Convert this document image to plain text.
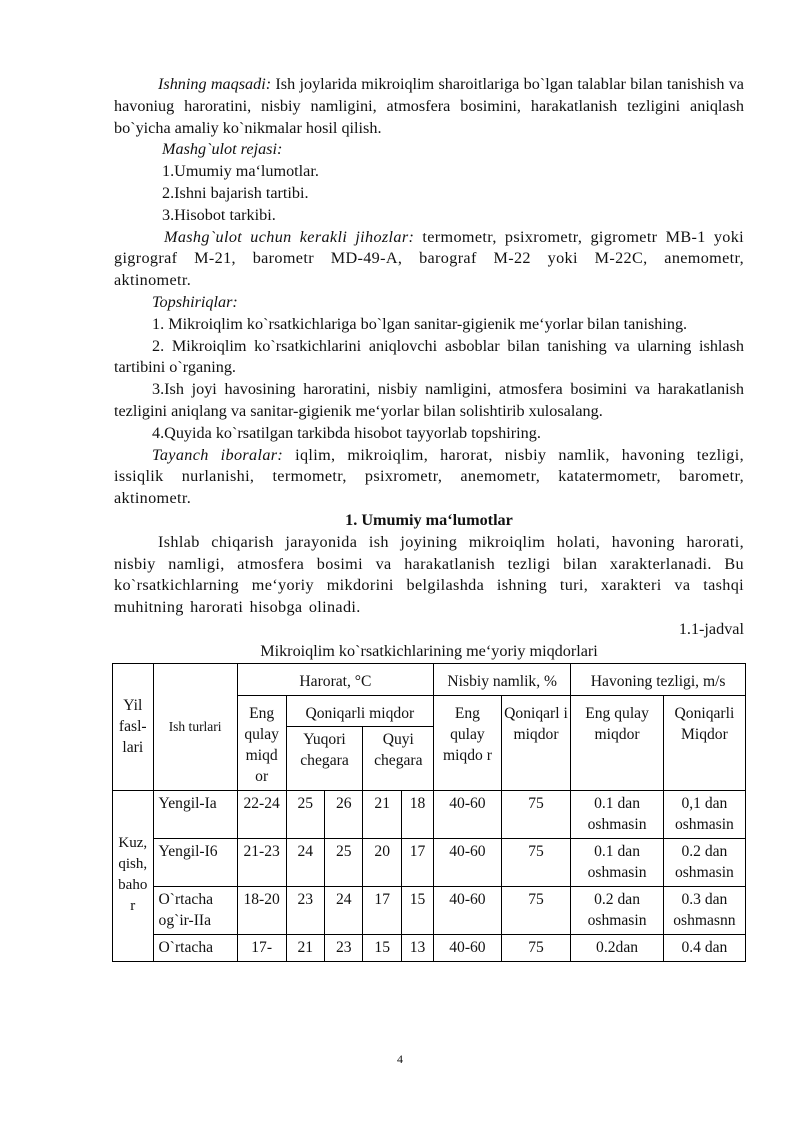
Ishning maqsadi: Ish joylarida mikroiqlim sharoitlariga bo`lgan talablar bilan tanishish va havoniug haroratini, nisbiy namligini, atmosfera bosimini, harakatlanish tezligini aniqlash bo`yicha amaliy ko`nikmalar hosil qilish.

Mashg`ulot rejasi:

1.Umumiy ma‘lumotlar.

2.Ishni bajarish tartibi.

3.Hisobot tarkibi.

Mashg`ulot uchun kerakli jihozlar: termometr, psixrometr, gigrometr MB-1 yoki gigrograf M-21, barometr MD-49-A, barograf M-22 yoki M-22C, anemometr, aktinometr.

Topshiriqlar:

1. Mikroiqlim ko`rsatkichlariga bo`lgan sanitar-gigienik me‘yorlar bilan tanishing.

2. Mikroiqlim ko`rsatkichlarini aniqlovchi asboblar bilan tanishing va ularning ishlash tartibini o`rganing.

3.Ish joyi havosining haroratini, nisbiy namligini, atmosfera bosimini va harakatlanish tezligini aniqlang va sanitar-gigienik me‘yorlar bilan solishtirib xulosalang.

4.Quyida ko`rsatilgan tarkibda hisobot tayyorlab topshiring.

Tayanch iboralar: iqlim, mikroiqlim, harorat, nisbiy namlik, havoning tezligi, issiqlik nurlanishi, termometr, psixrometr, anemometr, katatermometr, barometr, aktinometr.

1. Umumiy ma‘lumotlar

Ishlab chiqarish jarayonida ish joyining mikroiqlim holati, havoning harorati, nisbiy namligi, atmosfera bosimi va harakatlanish tezligi bilan xarakterlanadi. Bu ko`rsatkichlarning me‘yoriy mikdorini belgilashda ishning turi, xarakteri va tashqi muhitning harorati hisobga olinadi.

1.1-jadval

Mikroiqlim ko`rsatkichlarining me‘yoriy miqdorlari

Yil fasl-lari	Ish turlari	Harorat, °C					Nisbiy namlik, %		Havoning tezligi, m/s	
		Eng qulay miqd or	Qoniqarli miqdor				Eng qulay miqdo r	Qoniqarl i miqdor	Eng qulay miqdor	Qoniqarli Miqdor
			Yuqori chegara		Quyi chegara					
Kuz, qish, baho r	Yengil-Ia	22-24	25	26	21	18	40-60	75	0.1 dan oshmasin	0,1 dan oshmasin
	Yengil-I6	21-23	24	25	20	17	40-60	75	0.1 dan oshmasin	0.2 dan oshmasin
	O`rtacha og`ir-IIa	18-20	23	24	17	15	40-60	75	0.2 dan oshmasin	0.3 dan oshmasnn
	O`rtacha	17-	21	23	15	13	40-60	75	0.2dan	0.4 dan
4
